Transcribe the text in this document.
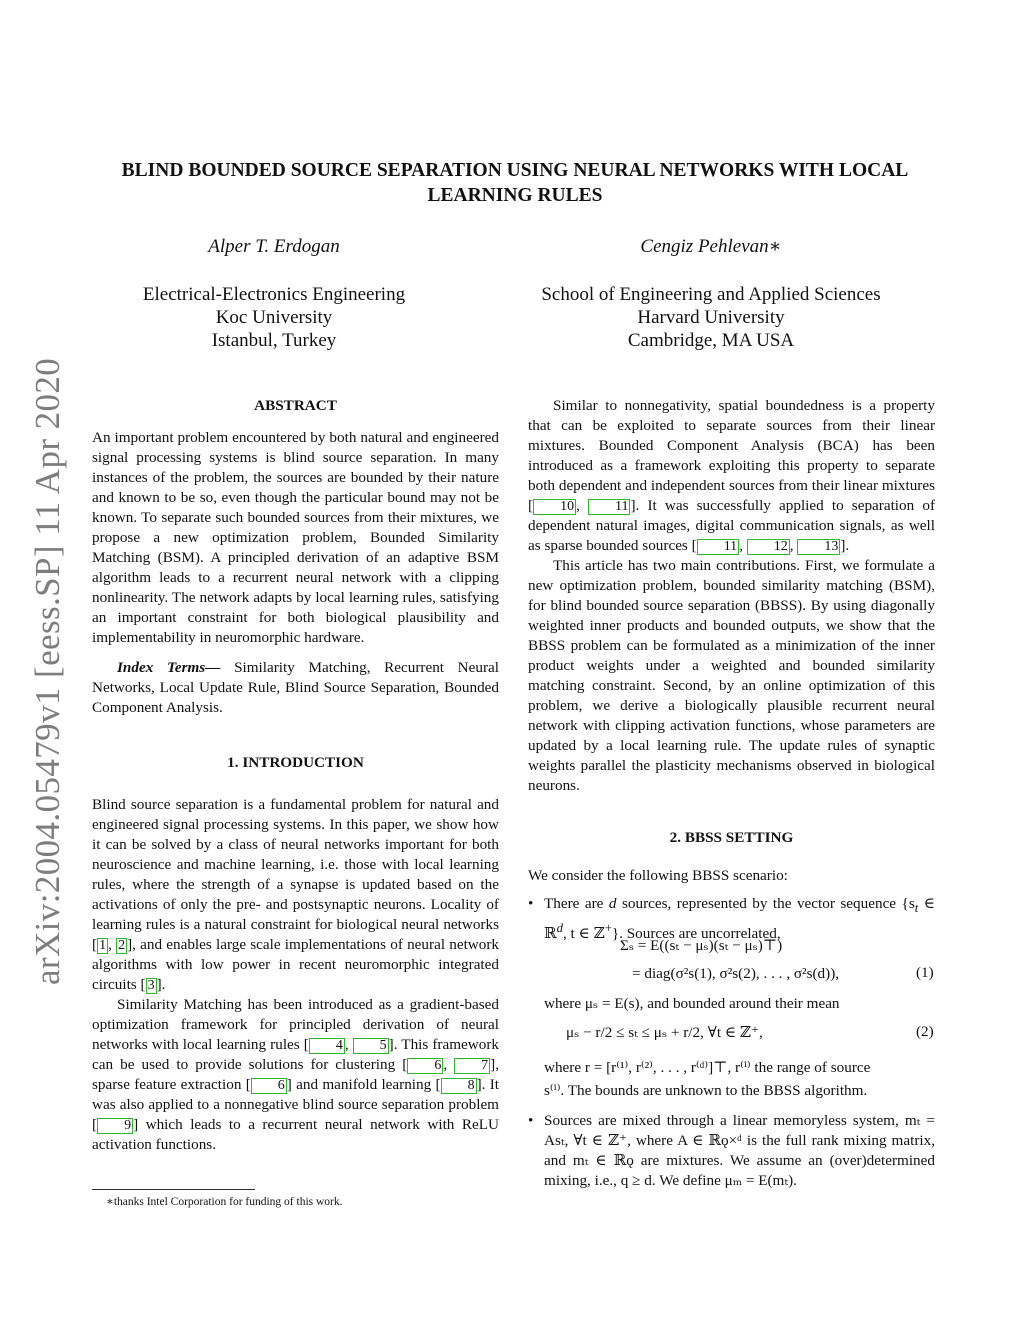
arXiv:2004.05479v1 [eess.SP] 11 Apr 2020
BLIND BOUNDED SOURCE SEPARATION USING NEURAL NETWORKS WITH LOCAL LEARNING RULES
Alper T. Erdogan
Electrical-Electronics Engineering
Koc University
Istanbul, Turkey
Cengiz Pehlevan∗
School of Engineering and Applied Sciences
Harvard University
Cambridge, MA USA

ABSTRACT

An important problem encountered by both natural and engineered signal processing systems is blind source separation. In many instances of the problem, the sources are bounded by their nature and known to be so, even though the particular bound may not be known. To separate such bounded sources from their mixtures, we propose a new optimization problem, Bounded Similarity Matching (BSM). A principled derivation of an adaptive BSM algorithm leads to a recurrent neural network with a clipping nonlinearity. The network adapts by local learning rules, satisfying an important constraint for both biological plausibility and implementability in neuromorphic hardware.

Index Terms— Similarity Matching, Recurrent Neural Networks, Local Update Rule, Blind Source Separation, Bounded Component Analysis.

1. INTRODUCTION

Blind source separation is a fundamental problem for natural and engineered signal processing systems. In this paper, we show how it can be solved by a class of neural networks important for both neuroscience and machine learning, i.e. those with local learning rules, where the strength of a synapse is updated based on the activations of only the pre- and postsynaptic neurons. Locality of learning rules is a natural constraint for biological neural networks [ 1 , 2 ], and enables large scale implementations of neural network algorithms with low power in recent neuromorphic integrated circuits [ 3 ].

Similarity Matching has been introduced as a gradient-based optimization framework for principled derivation of neural networks with local learning rules [ 4 , 5 ]. This framework can be used to provide solutions for clustering [ 6 , 7 ], sparse feature extraction [ 6 ] and manifold learning [ 8 ]. It was also applied to a nonnegative blind source separation problem [ 9 ] which leads to a recurrent neural network with ReLU activation functions.

∗thanks Intel Corporation for funding of this work.

Similar to nonnegativity, spatial boundedness is a property that can be exploited to separate sources from their linear mixtures. Bounded Component Analysis (BCA) has been introduced as a framework exploiting this property to separate both dependent and independent sources from their linear mixtures [ 10 , 11 ]. It was successfully applied to separation of dependent natural images, digital communication signals, as well as sparse bounded sources [ 11 , 12 , 13 ].

This article has two main contributions. First, we formulate a new optimization problem, bounded similarity matching (BSM), for blind bounded source separation (BBSS). By using diagonally weighted inner products and bounded outputs, we show that the BBSS problem can be formulated as a minimization of the inner product weights under a weighted and bounded similarity matching constraint. Second, by an online optimization of this problem, we derive a biologically plausible recurrent neural network with clipping activation functions, whose parameters are updated by a local learning rule. The update rules of synaptic weights parallel the plasticity mechanisms observed in biological neurons.

2. BBSS SETTING

We consider the following BBSS scenario:

• There are d sources, represented by the vector sequence {$s_t$ ∈ ℝ$^d$, t ∈ ℤ+}. Sources are uncorrelated,
Σₛ = E((sₜ − μₛ)(sₜ − μₛ)⊤)
= diag(σ²s(1), σ²s(2), . . . , σ²s(d)),	(1)
where μₛ = E(s), and bounded around their mean
μₛ − r/2 ≤ sₜ ≤ μₛ + r/2, ∀t ∈ ℤ⁺,	(2)
where r = [r⁽¹⁾, r⁽²⁾, . . . , r⁽ᵈ⁾]⊤, r⁽ⁱ⁾ the range of source
s⁽ⁱ⁾. The bounds are unknown to the BBSS algorithm.
• Sources are mixed through a linear memoryless system, mₜ = Asₜ, ∀t ∈ ℤ⁺, where A ∈ ℝǫ×ᵈ is the full rank mixing matrix, and mₜ ∈ ℝǫ are mixtures. We assume an (over)determined mixing, i.e., q ≥ d. We define μₘ = E(mₜ).
